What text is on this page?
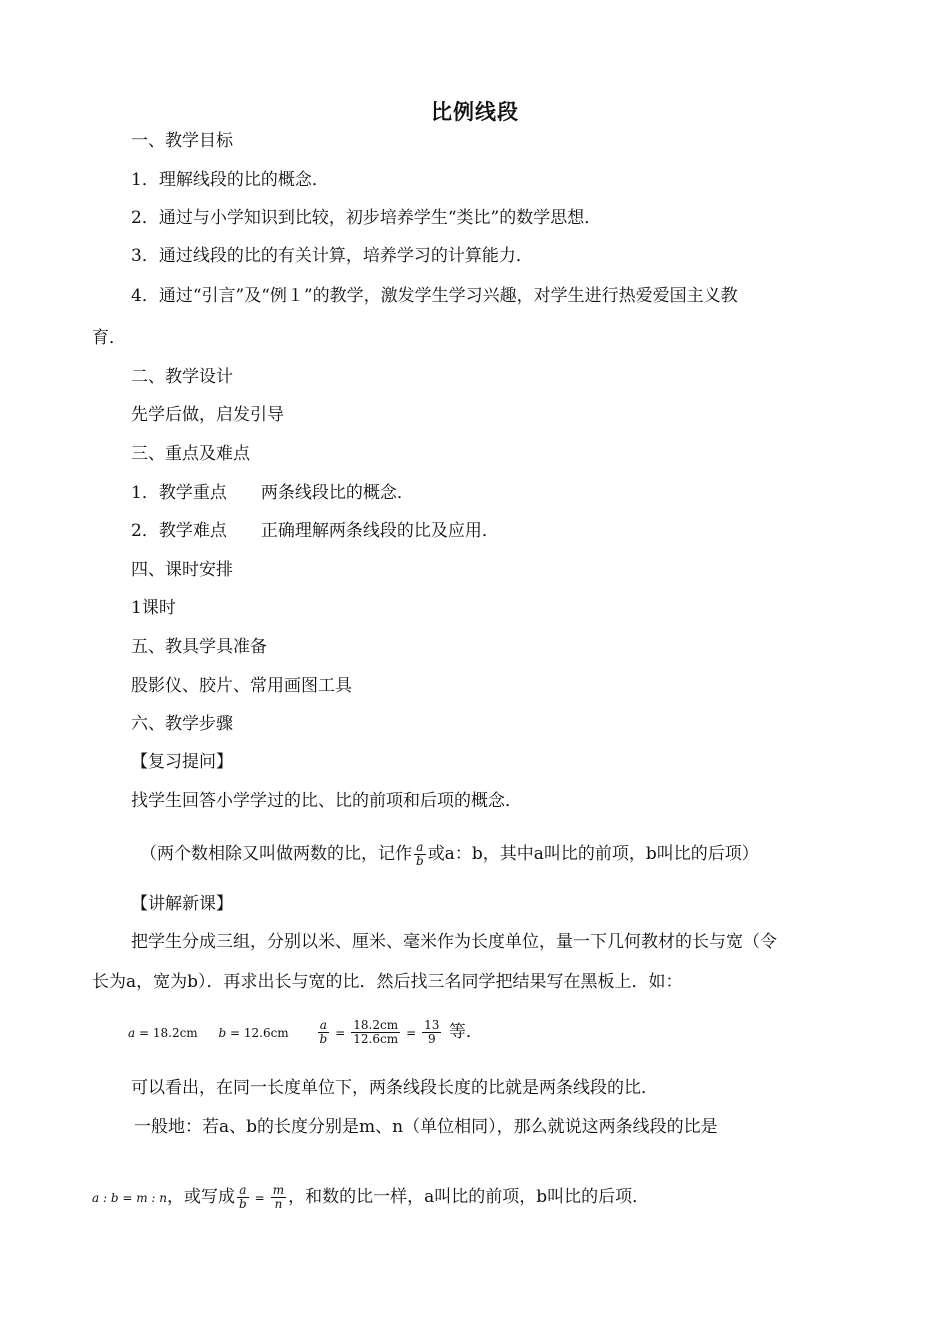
比例线段
一、教学目标
1．理解线段的比的概念．
2．通过与小学知识到比较，初步培养学生“类比”的数学思想．
3．通过线段的比的有关计算，培养学习的计算能力．
4．通过“引言”及“例１”的教学，激发学生学习兴趣，对学生进行热爱爱国主义教
育．
二、教学设计
先学后做，启发引导
三、重点及难点
1．教学重点 两条线段比的概念．
2．教学难点 正确理解两条线段的比及应用．
四、课时安排
1课时
五、教具学具准备
股影仪、胶片、常用画图工具
六、教学步骤
【复习提问】
找学生回答小学学过的比、比的前项和后项的概念．
（两个数相除又叫做两数的比，记作 $\frac{a}{b}$ 或a：b，其中a叫比的前项，b叫比的后项）
【讲解新课】
把学生分成三组，分别以米、厘米、毫米作为长度单位，量一下几何教材的长与宽（令
长为a，宽为b）．再求出长与宽的比．然后找三名同学把结果写在黑板上．如：
a = 18.2cm $b = 12.6cm \frac{a}{b} = \frac{18.2cm}{12.6cm} = \frac{13}{9}$ 等．
可以看出，在同一长度单位下，两条线段长度的比就是两条线段的比．
一般地：若a、b的长度分别是m、n（单位相同），那么就说这两条线段的比是
a : b = m : n，或写成 $\frac{a}{b} = \frac{m}{n}$ ，和数的比一样，a叫比的前项，b叫比的后项．
